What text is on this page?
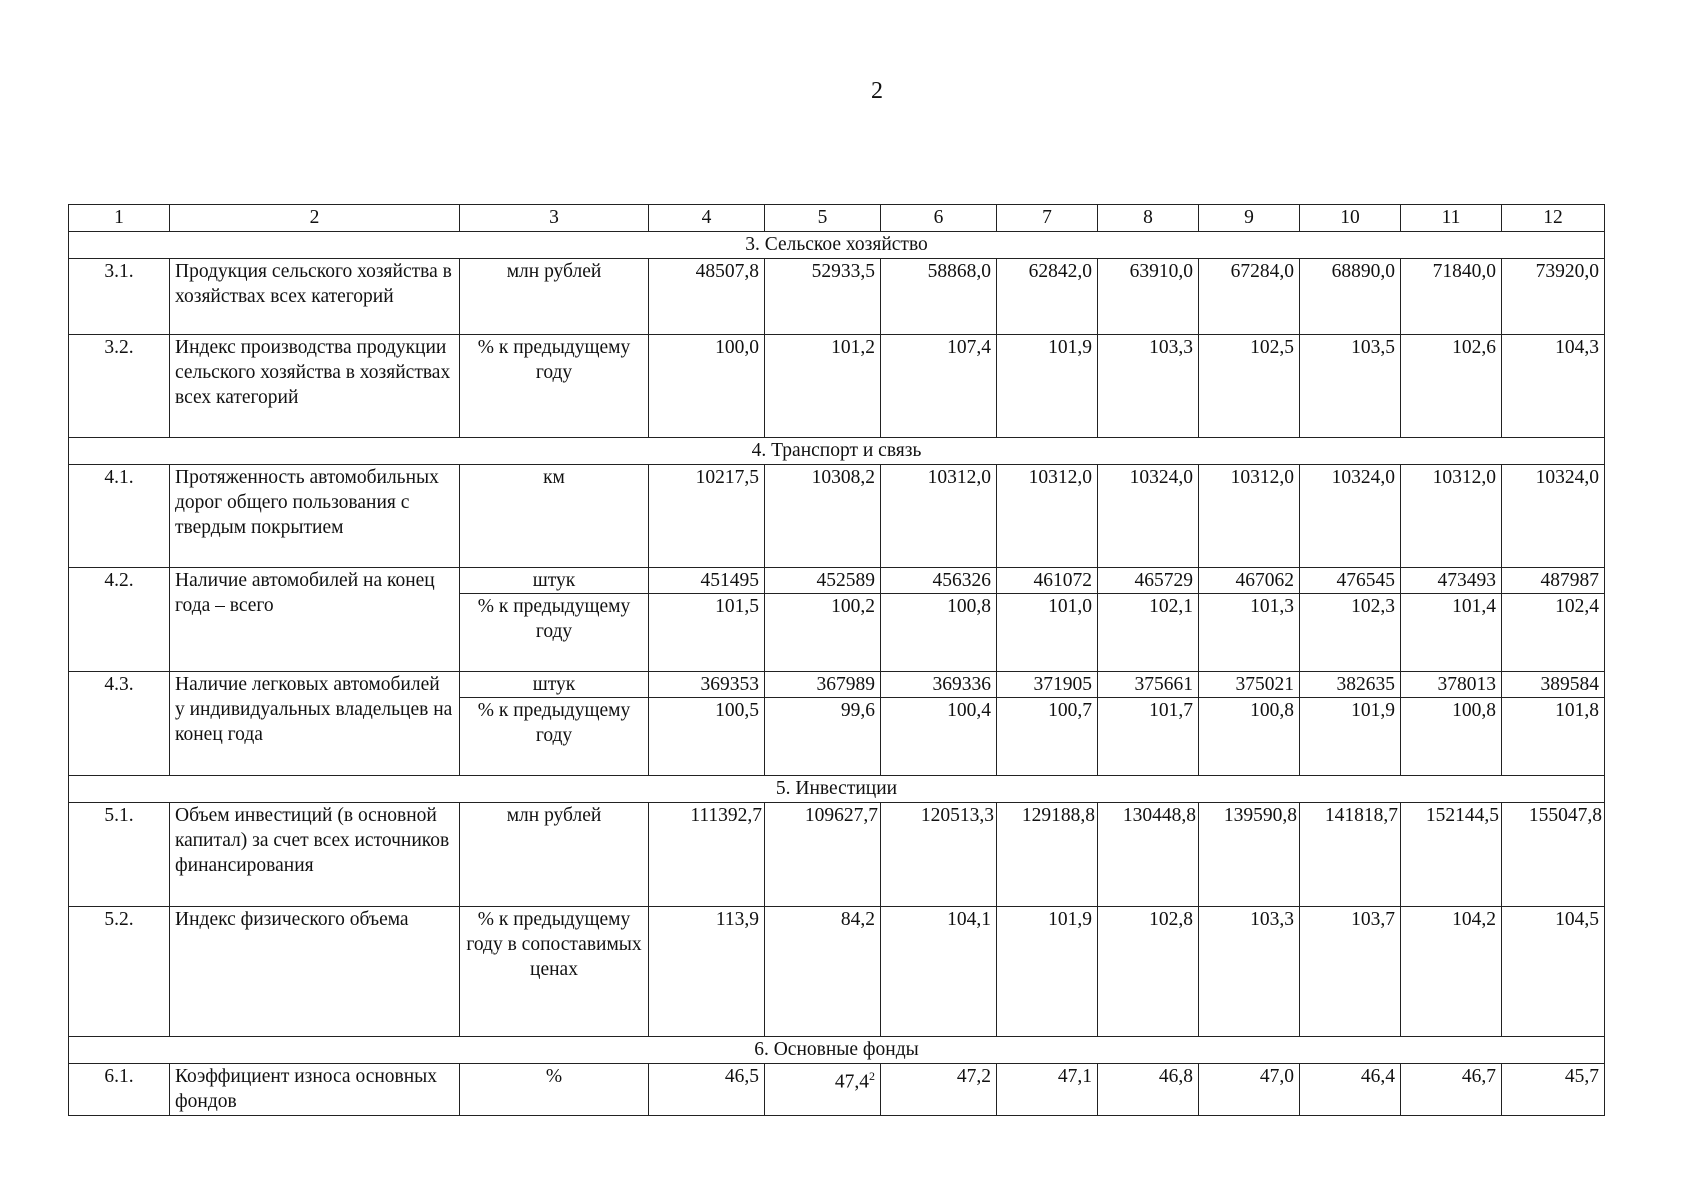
2
1	2	3	4	5	6	7	8	9	10	11	12
3. Сельское хозяйство											
3.1.	Продукция сельского хозяйства в хозяйствах всех категорий	млн рублей	48507,8	52933,5	58868,0	62842,0	63910,0	67284,0	68890,0	71840,0	73920,0
3.2.	Индекс производства продукции сельского хозяйства в хозяйствах всех категорий	% к предыдущему году	100,0	101,2	107,4	101,9	103,3	102,5	103,5	102,6	104,3
4. Транспорт и связь											
4.1.	Протяженность автомобильных дорог общего пользования с твердым покрытием	км	10217,5	10308,2	10312,0	10312,0	10324,0	10312,0	10324,0	10312,0	10324,0
4.2.	Наличие автомобилей на конец года – всего	штук	451495	452589	456326	461072	465729	467062	476545	473493	487987
		% к предыдущему году	101,5	100,2	100,8	101,0	102,1	101,3	102,3	101,4	102,4
4.3.	Наличие легковых автомобилей у индивидуальных владельцев на конец года	штук	369353	367989	369336	371905	375661	375021	382635	378013	389584
		% к предыдущему году	100,5	99,6	100,4	100,7	101,7	100,8	101,9	100,8	101,8
5. Инвестиции											
5.1.	Объем инвестиций (в основной капитал) за счет всех источников финансирования	млн рублей	111392,7	109627,7	120513,3	129188,8	130448,8	139590,8	141818,7	152144,5	155047,8
5.2.	Индекс физического объема	% к предыдущему году в сопоставимых ценах	113,9	84,2	104,1	101,9	102,8	103,3	103,7	104,2	104,5
6. Основные фонды											
6.1.	Коэффициент износа основных фондов	%	46,5	47,4$^2$	47,2	47,1	46,8	47,0	46,4	46,7	45,7
